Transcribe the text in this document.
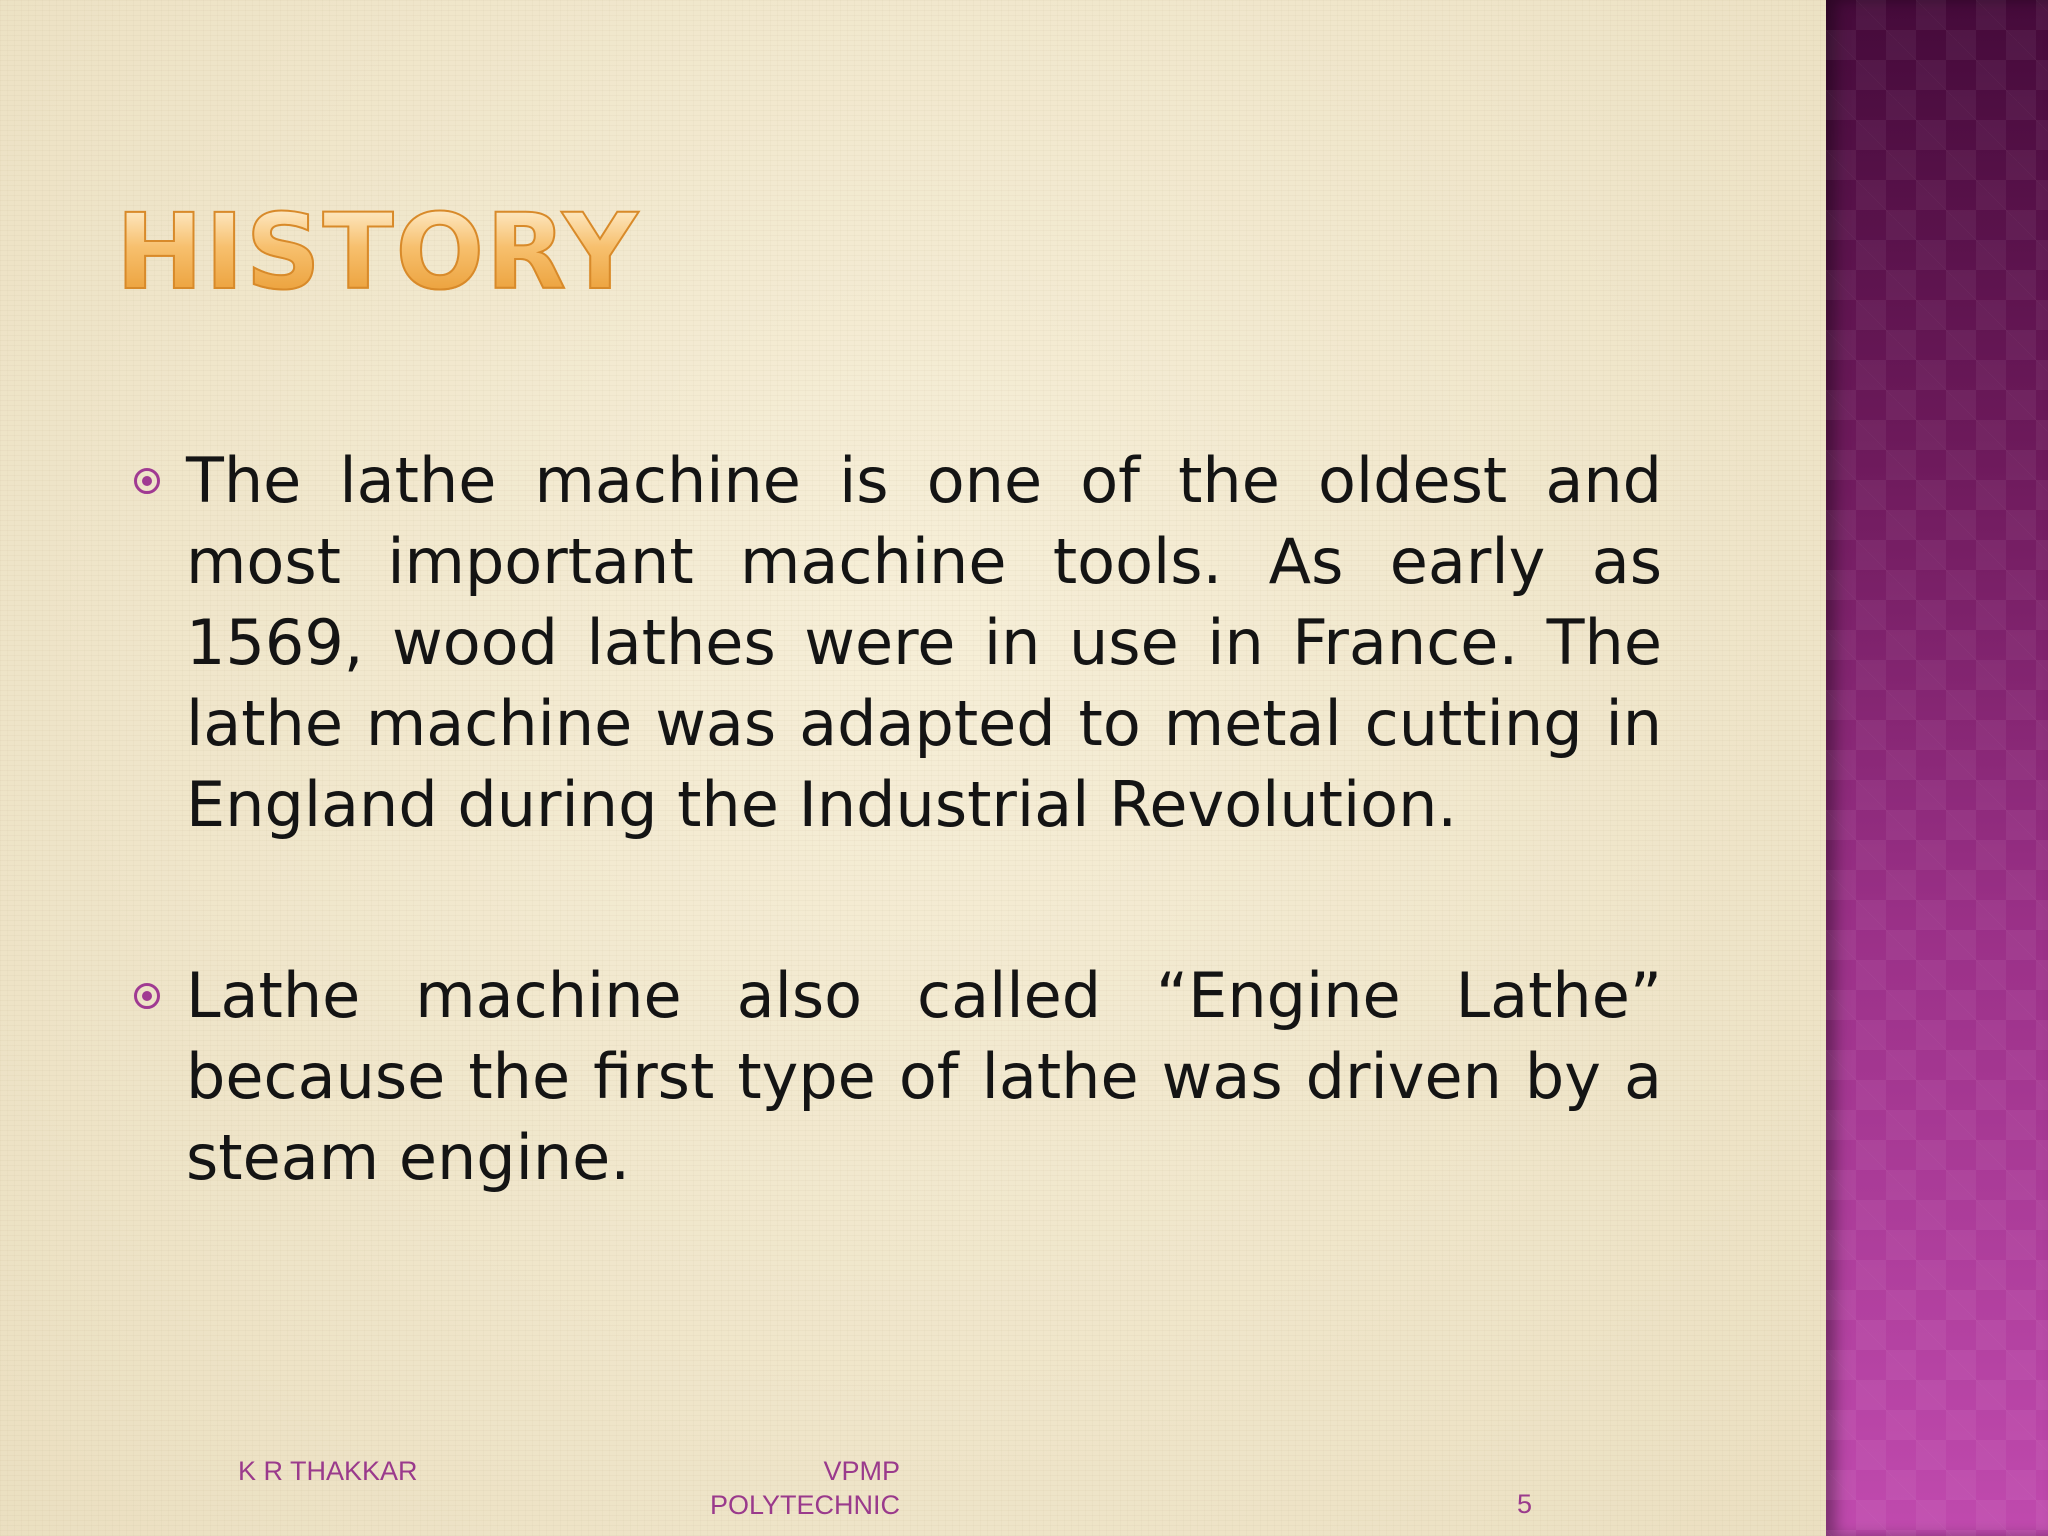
HISTORY

The lathe machine is one of the oldest and most important machine tools. As early as 1569, wood lathes were in use in France. The lathe machine was adapted to metal cutting in England during the Industrial Revolution.

Lathe machine also called “Engine Lathe” because the first type of lathe was driven by a steam engine.

K R THAKKAR	VPMP
POLYTECHNIC	5
